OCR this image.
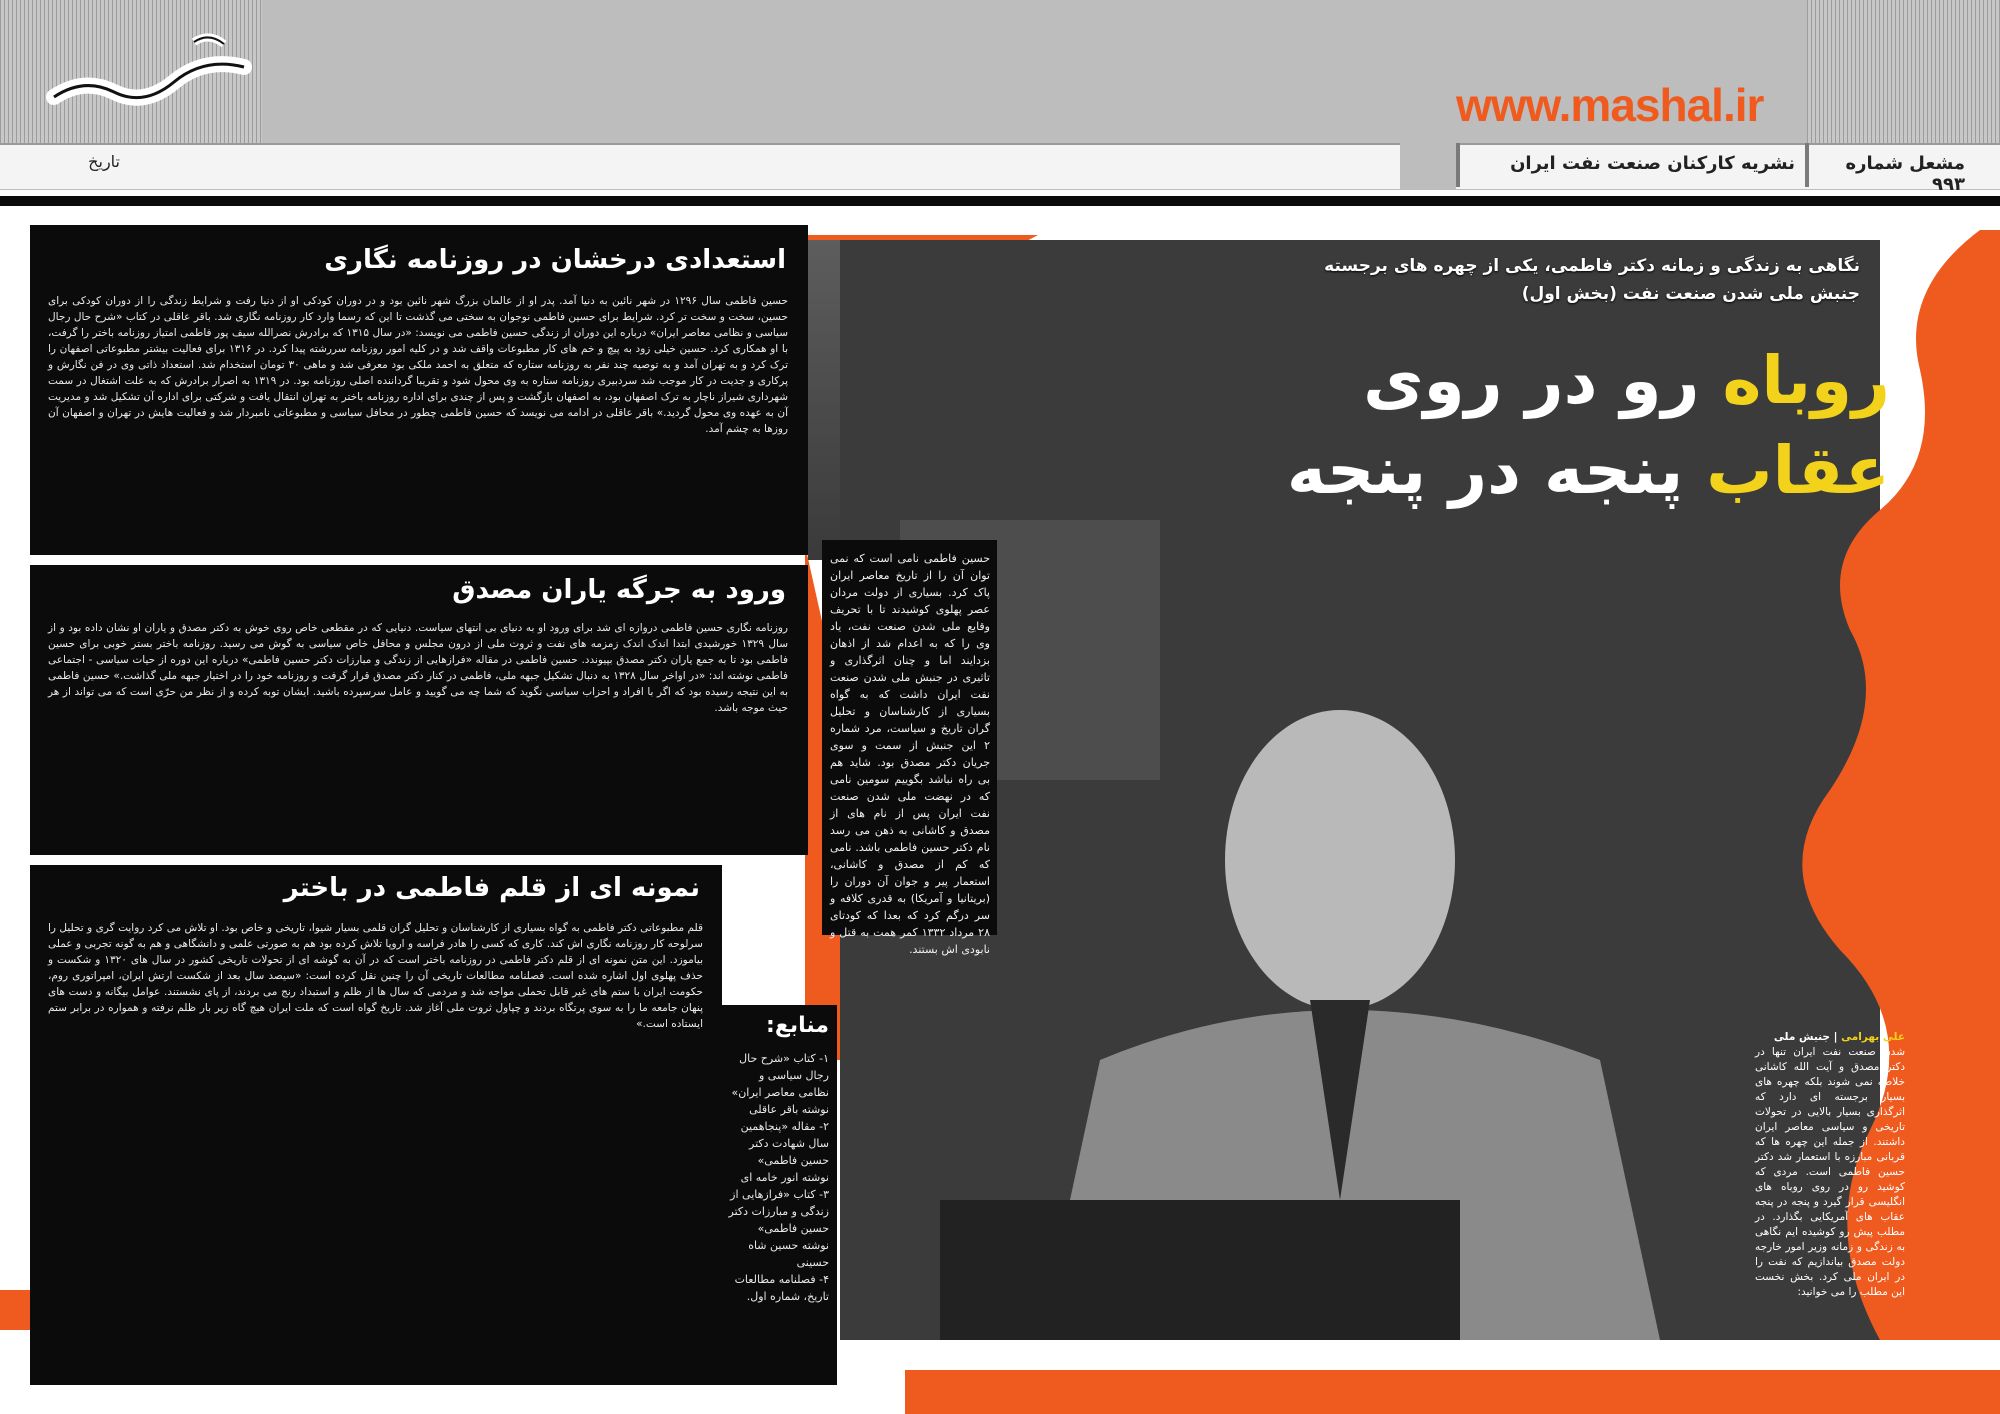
www.mashal.ir
تاریخ	نشریه کارکنان صنعت نفت ایران	مشعل شماره ۹۹۳
استعدادی درخشان در روزنامه نگاری
حسین فاطمی سال ۱۲۹۶ در شهر نائین به دنیا آمد. پدر او از عالمان بزرگ شهر نائین بود و در دوران کودکی او از دنیا رفت و شرایط زندگی را از دوران کودکی برای حسین، سخت و سخت تر کرد. شرایط برای حسین فاطمی نوجوان به سختی می گذشت تا این که رسما وارد کار روزنامه نگاری شد. باقر عاقلی در کتاب «شرح حال رجال سیاسی و نظامی معاصر ایران» درباره این دوران از زندگی حسین فاطمی می نویسد: «در سال ۱۳۱۵ که برادرش نصرالله سیف پور فاطمی امتیاز روزنامه باختر را گرفت، با او همکاری کرد. حسین خیلی زود به پیچ و خم های کار مطبوعات واقف شد و در کلیه امور روزنامه سررشته پیدا کرد. در ۱۳۱۶ برای فعالیت بیشتر مطبوعاتی اصفهان را ترک کرد و به تهران آمد و به توصیه چند نفر به روزنامه ستاره که متعلق به احمد ملکی بود معرفی شد و ماهی ۳۰ تومان استخدام شد. استعداد ذاتی وی در فن نگارش و پرکاری و جدیت در کار موجب شد سردبیری روزنامه ستاره به وی محول شود و تقریبا گرداننده اصلی روزنامه بود. در ۱۳۱۹ به اصرار برادرش که به علت اشتغال در سمت شهرداری شیراز ناچار به ترک اصفهان بود، به اصفهان بازگشت و پس از چندی برای اداره روزنامه باختر به تهران انتقال یافت و شرکتی برای اداره آن تشکیل شد و مدیریت آن به عهده وی محول گردید.» باقر عاقلی در ادامه می نویسد که حسین فاطمی چطور در محافل سیاسی و مطبوعاتی نامبردار شد و فعالیت هایش در تهران و اصفهان آن روزها به چشم آمد.
ورود به جرگه یاران مصدق
روزنامه نگاری حسین فاطمی دروازه ای شد برای ورود او به دنیای بی انتهای سیاست. دنیایی که در مقطعی خاص روی خوش به دکتر مصدق و یاران او نشان داده بود و از سال ۱۳۲۹ خورشیدی ابتدا اندک اندک زمزمه های نفت و ثروت ملی از درون مجلس و محافل خاص سیاسی به گوش می رسید. روزنامه باختر بستر خوبی برای حسین فاطمی بود تا به جمع یاران دکتر مصدق بپیوندد. حسین فاطمی در مقاله «فرازهایی از زندگی و مبارزات دکتر حسین فاطمی» درباره این دوره از حیات سیاسی - اجتماعی فاطمی نوشته اند: «در اواخر سال ۱۳۲۸ به دنبال تشکیل جبهه ملی، فاطمی در کنار دکتر مصدق قرار گرفت و روزنامه خود را در اختیار جبهه ملی گذاشت.» حسین فاطمی به این نتیجه رسیده بود که اگر با افراد و احزاب سیاسی نگوید که شما چه می گویید و عامل سرسپرده باشید. ایشان توبه کرده و از نظر من حرّی است که می تواند از هر حیث موجه باشد.
نمونه ای از قلم فاطمی در باختر
قلم مطبوعاتی دکتر فاطمی به گواه بسیاری از کارشناسان و تحلیل گران قلمی بسیار شیوا، تاریخی و خاص بود. او تلاش می کرد روایت گری و تحلیل را سرلوحه کار روزنامه نگاری اش کند. کاری که کسی را هادر فراسه و اروپا تلاش کرده بود هم به صورتی علمی و دانشگاهی و هم به گونه تجربی و عملی بیاموزد. این متن نمونه ای از قلم دکتر فاطمی در روزنامه باختر است که در آن به گوشه ای از تحولات تاریخی کشور در سال های ۱۳۲۰ و شکست و حذف پهلوی اول اشاره شده است. فصلنامه مطالعات تاریخی آن را چنین نقل کرده است: «سیصد سال بعد از شکست ارتش ایران، امپراتوری روم، حکومت ایران با ستم های غیر قابل تحملی مواجه شد و مردمی که سال ها از ظلم و استبداد رنج می بردند، از پای نشستند. عوامل بیگانه و دست های پنهان جامعه ما را به سوی پرتگاه بردند و چپاول ثروت ملی آغاز شد. تاریخ گواه است که ملت ایران هیچ گاه زیر بار ظلم نرفته و همواره در برابر ستم ایستاده است.»	منابع:
۱- کتاب «شرح حال رجال سیاسی و نظامی معاصر ایران» نوشته باقر عاقلی
۲- مقاله «پنجاهمین سال شهادت دکتر حسین فاطمی» نوشته انور خامه ای
۳- کتاب «فرازهایی از زندگی و مبارزات دکتر حسین فاطمی» نوشته حسین شاه حسینی
۴- فصلنامه مطالعات تاریخ، شماره اول.
نگاهی به زندگی و زمانه دکتر فاطمی، یکی از چهره های برجسته جنبش ملی شدن صنعت نفت (بخش اول)
روباه رو در روی
عقاب پنجه در پنجه
حسین فاطمی نامی است که نمی توان آن را از تاریخ معاصر ایران پاک کرد. بسیاری از دولت مردان عصر پهلوی کوشیدند تا با تحریف وقایع ملی شدن صنعت نفت، یاد وی را که به اعدام شد از اذهان بزدایند اما و چنان اثرگذاری و تاثیری در جنبش ملی شدن صنعت نفت ایران داشت که به گواه بسیاری از کارشناسان و تحلیل گران تاریخ و سیاست، مرد شماره ۲ این جنبش از سمت و سوی جریان دکتر مصدق بود. شاید هم بی راه نباشد بگوییم سومین نامی که در نهضت ملی شدن صنعت نفت ایران پس از نام های از مصدق و کاشانی به ذهن می رسد نام دکتر حسین فاطمی باشد. نامی که کم از مصدق و کاشانی، استعمار پیر و جوان آن دوران را (بریتانیا و آمریکا) به قدری کلافه و سر درگم کرد که بعدا که کودتای ۲۸ مرداد ۱۳۳۲ کمر همت به قتل و نابودی اش بستند.
علی بهرامی | جنبش ملی
شدن صنعت نفت ایران تنها در دکتر مصدق و آیت الله کاشانی خلاصه نمی شوند بلکه چهره های بسیار برجسته ای دارد که اثرگذاری بسیار بالایی در تحولات تاریخی و سیاسی معاصر ایران داشتند. از جمله این چهره ها که قربانی مبارزه با استعمار شد دکتر حسین فاطمی است. مردی که کوشید رو در روی روباه های انگلیسی قرار گیرد و پنجه در پنجه عقاب های آمریکایی بگذارد. در مطلب پیش رو کوشیده ایم نگاهی به زندگی و زمانه وزیر امور خارجه دولت مصدق بیاندازیم که نفت را در ایران ملی کرد. بخش نخست این مطلب را می خوانید:
